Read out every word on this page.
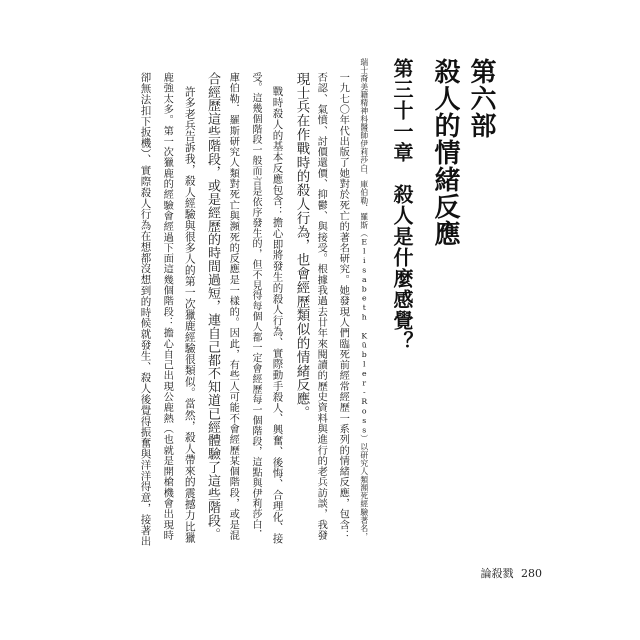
第六部
殺人的情緒反應
第三十一章　殺人是什麼感覺？
瑞士裔美籍精神科醫師伊莉莎白．庫伯勒．羅斯（Elisabeth Kübler-Ross）以研究人類瀕死經驗著名，
一九七〇年代出版了她對於死亡的著名研究。她發現人們臨死前經常經歷一系列的情緒反應，包含：
否認、氣憤、討價還價、抑鬱、與接受。根據我過去廿年來閱讀的歷史資料與進行的老兵訪談，我發
現士兵在作戰時的殺人行為，也會經歷類似的情緒反應。
戰時殺人的基本反應包含：擔心即將發生的殺人行為、實際動手殺人、興奮、後悔、合理化、接
受。這幾個階段一般而言是依序發生的，但不見得每個人都一定會經歷每一個階段，這點與伊莉莎白．
庫伯勒．羅斯研究人類對死亡與瀕死的反應是一樣的。因此，有些人可能不會經歷某個階段，或是混
合經歷這些階段，或是經歷的時間過短，連自己都不知道已經體驗了這些階段。
許多老兵告訴我，殺人經驗與很多人的第一次獵鹿經驗很類似。當然，殺人帶來的震撼力比獵
鹿強太多。第一次獵鹿的經驗會經過下面這幾個階段：擔心自己出現公鹿熱（也就是開槍機會出現時
卻無法扣下扳機）、實際殺人行為在想都沒想到的時候就發生、殺人後覺得振奮與洋洋得意，接著出
論殺戮 280
